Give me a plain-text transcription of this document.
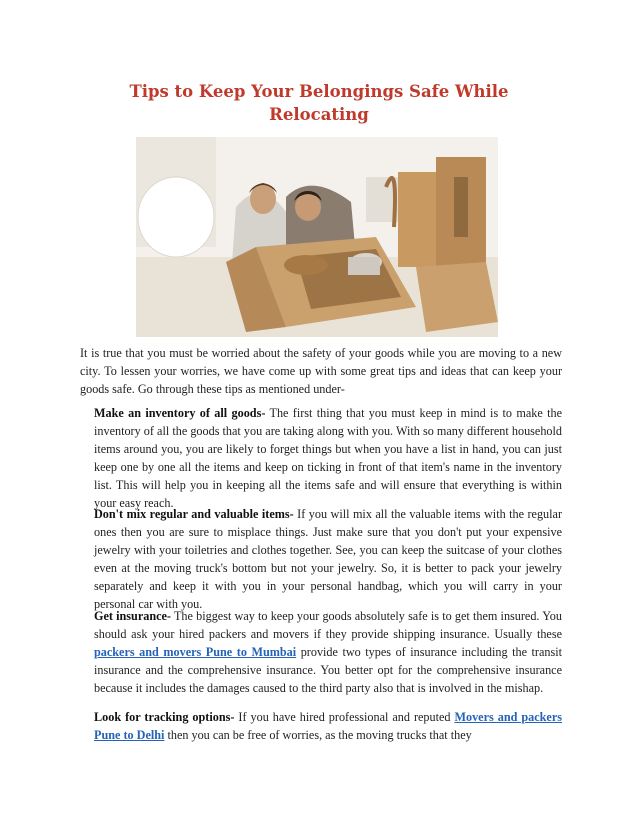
Tips to Keep Your Belongings Safe While
Relocating

It is true that you must be worried about the safety of your goods while you are moving to a new city. To lessen your worries, we have come up with some great tips and ideas that can keep your goods safe. Go through these tips as mentioned under-

Make an inventory of all goods- The first thing that you must keep in mind is to make the inventory of all the goods that you are taking along with you. With so many different household items around you, you are likely to forget things but when you have a list in hand, you can just keep one by one all the items and keep on ticking in front of that item's name in the inventory list. This will help you in keeping all the items safe and will ensure that everything is within your easy reach.

Don't mix regular and valuable items- If you will mix all the valuable items with the regular ones then you are sure to misplace things. Just make sure that you don't put your expensive jewelry with your toiletries and clothes together. See, you can keep the suitcase of your clothes even at the moving truck's bottom but not your jewelry. So, it is better to pack your jewelry separately and keep it with you in your personal handbag, which you will carry in your personal car with you.

Get insurance- The biggest way to keep your goods absolutely safe is to get them insured. You should ask your hired packers and movers if they provide shipping insurance. Usually these packers and movers Pune to Mumbai provide two types of insurance including the transit insurance and the comprehensive insurance. You better opt for the comprehensive insurance because it includes the damages caused to the third party also that is involved in the mishap.

Look for tracking options- If you have hired professional and reputed Movers and packers Pune to Delhi then you can be free of worries, as the moving trucks that they
